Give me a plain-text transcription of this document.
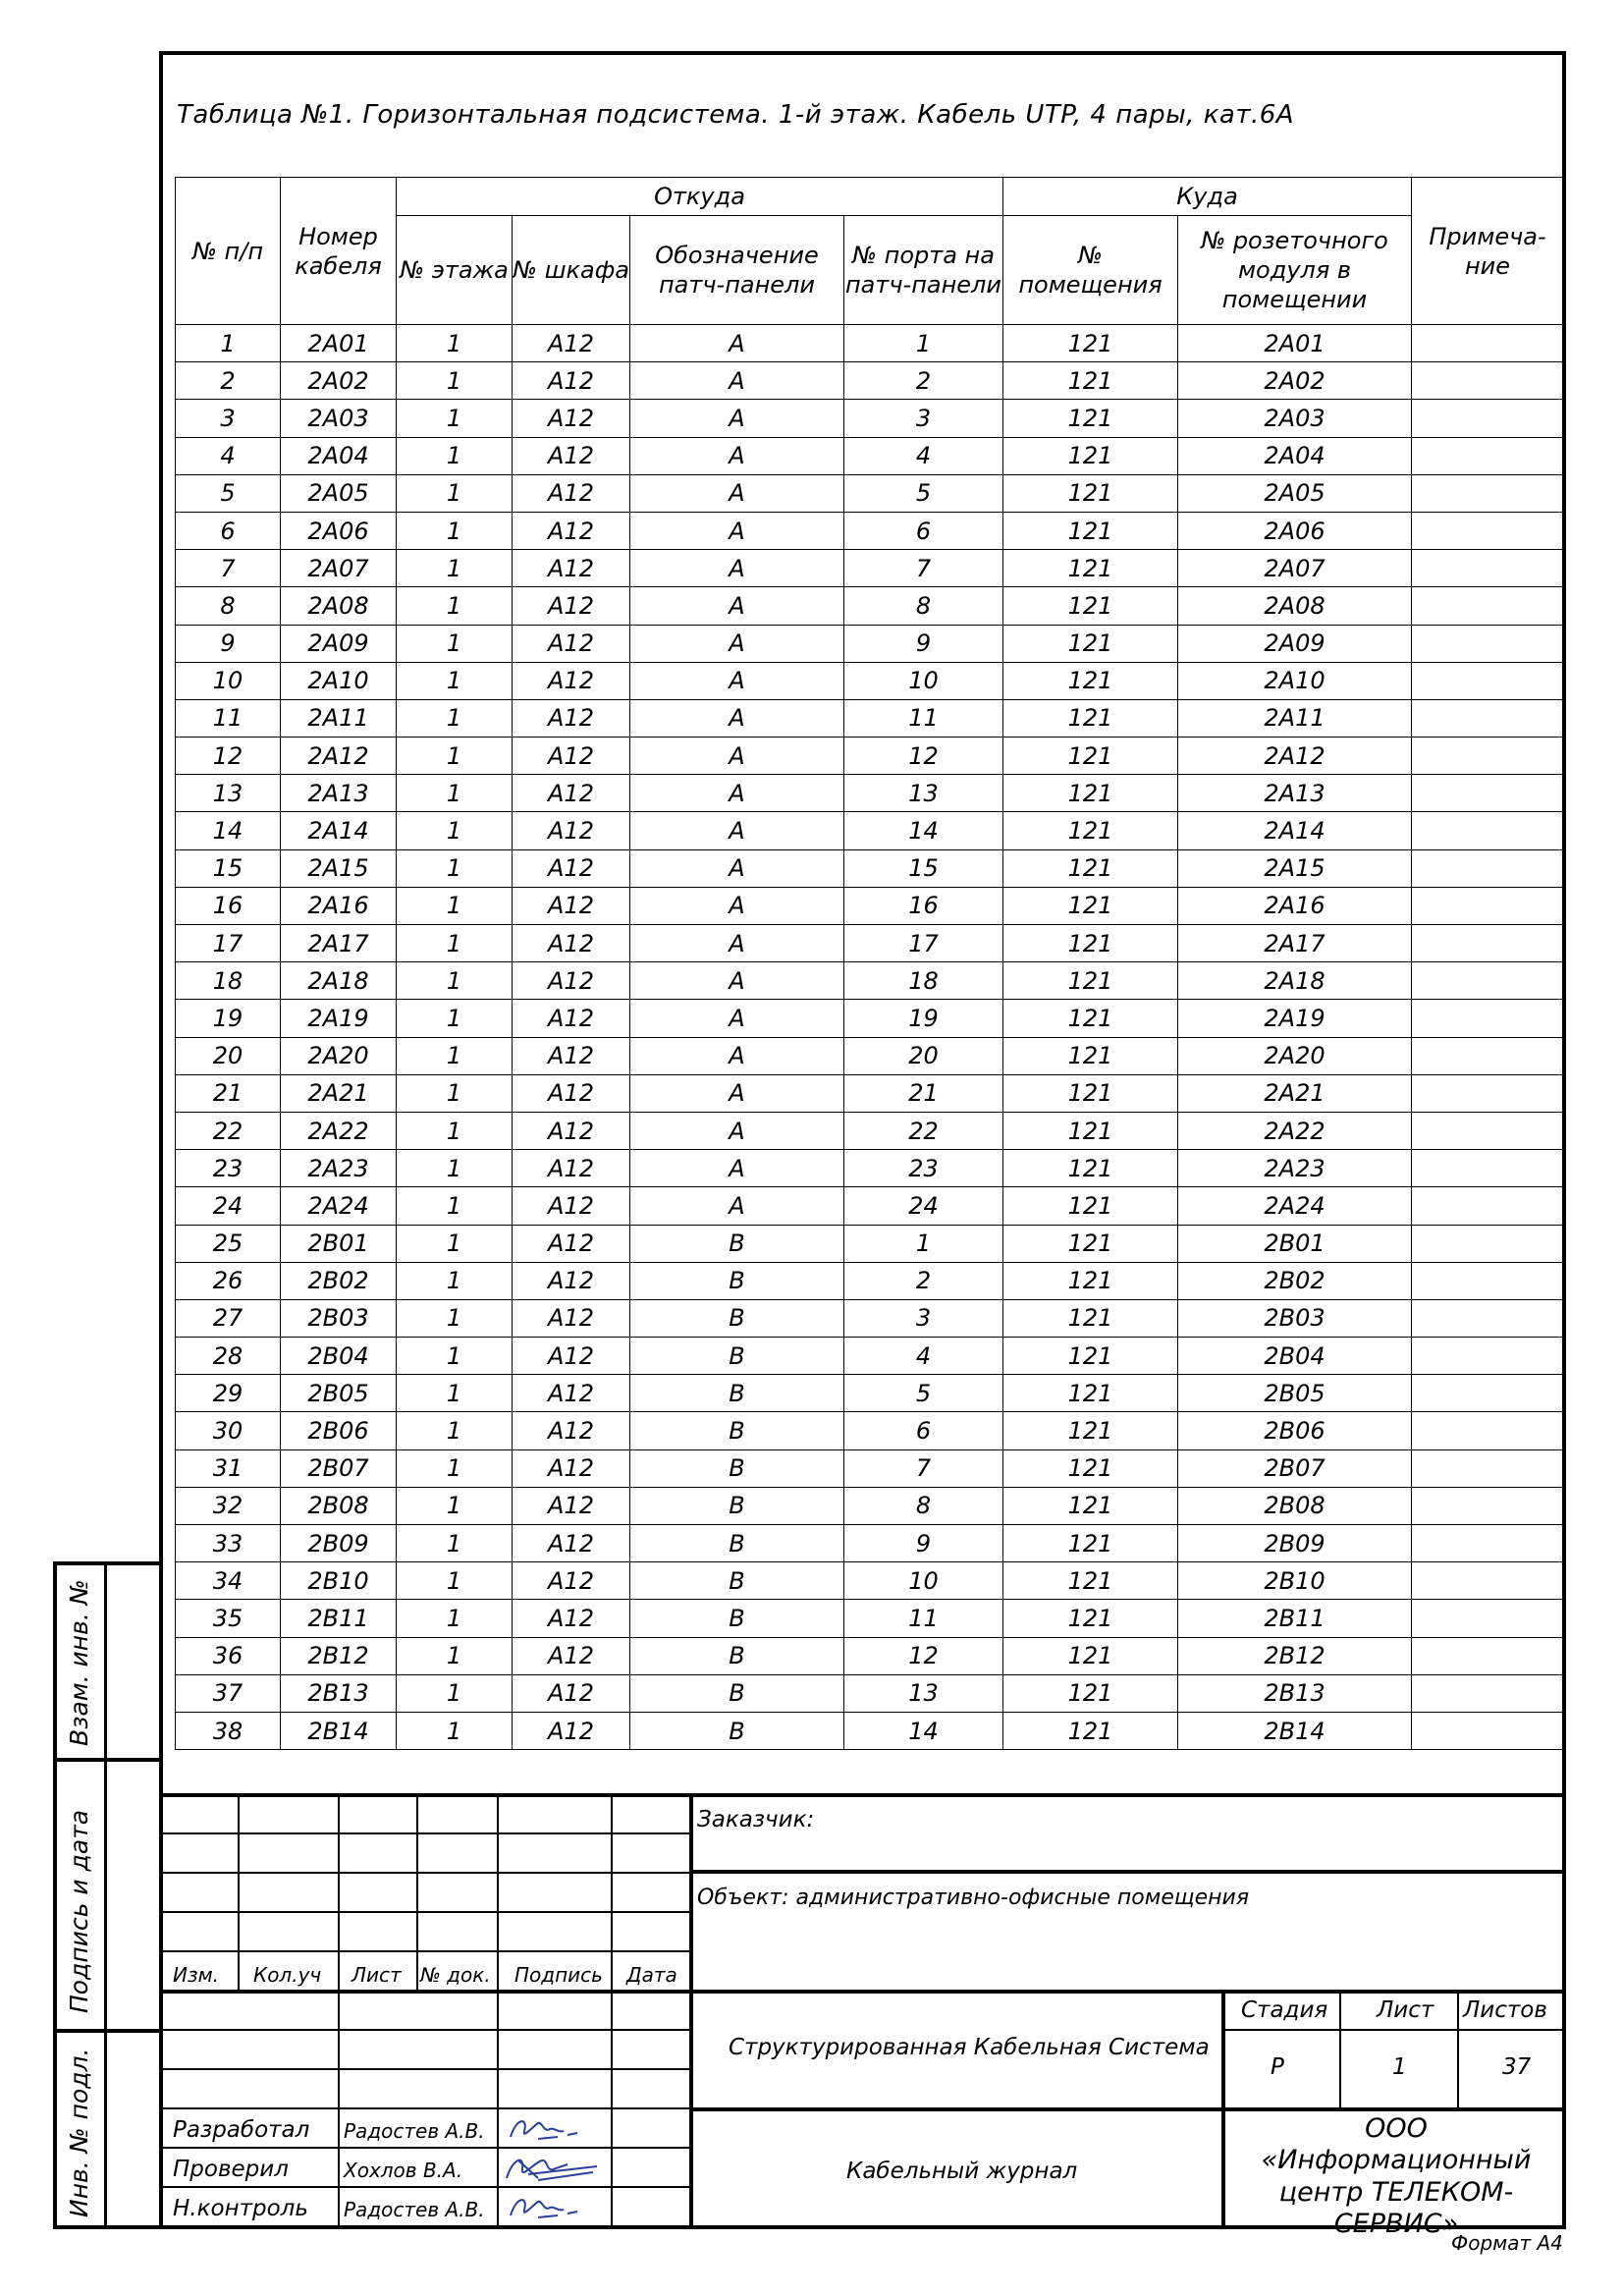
Таблица №1. Горизонтальная подсистема. 1-й этаж. Кабель UTP, 4 пары, кат.6А
№ п/п	Номер кабеля	Откуда				Куда		Примеча-ние
		№ этажа	№ шкафа	Обозначение патч-панели	№ порта на патч-панели	№ помещения	№ розеточного модуля в помещении	
1	2A01	1	A12	A	1	121	2A01	
2	2A02	1	A12	A	2	121	2A02	
3	2A03	1	A12	A	3	121	2A03	
4	2A04	1	A12	A	4	121	2A04	
5	2A05	1	A12	A	5	121	2A05	
6	2A06	1	A12	A	6	121	2A06	
7	2A07	1	A12	A	7	121	2A07	
8	2A08	1	A12	A	8	121	2A08	
9	2A09	1	A12	A	9	121	2A09	
10	2A10	1	A12	A	10	121	2A10	
11	2A11	1	A12	A	11	121	2A11	
12	2A12	1	A12	A	12	121	2A12	
13	2A13	1	A12	A	13	121	2A13	
14	2A14	1	A12	A	14	121	2A14	
15	2A15	1	A12	A	15	121	2A15	
16	2A16	1	A12	A	16	121	2A16	
17	2A17	1	A12	A	17	121	2A17	
18	2A18	1	A12	A	18	121	2A18	
19	2A19	1	A12	A	19	121	2A19	
20	2A20	1	A12	A	20	121	2A20	
21	2A21	1	A12	A	21	121	2A21	
22	2A22	1	A12	A	22	121	2A22	
23	2A23	1	A12	A	23	121	2A23	
24	2A24	1	A12	A	24	121	2A24	
25	2B01	1	A12	B	1	121	2B01	
26	2B02	1	A12	B	2	121	2B02	
27	2B03	1	A12	B	3	121	2B03	
28	2B04	1	A12	B	4	121	2B04	
29	2B05	1	A12	B	5	121	2B05	
30	2B06	1	A12	B	6	121	2B06	
31	2B07	1	A12	B	7	121	2B07	
32	2B08	1	A12	B	8	121	2B08	
33	2B09	1	A12	B	9	121	2B09	
34	2B10	1	A12	B	10	121	2B10	
35	2B11	1	A12	B	11	121	2B11	
36	2B12	1	A12	B	12	121	2B12	
37	2B13	1	A12	B	13	121	2B13	
38	2B14	1	A12	B	14	121	2B14	
Взам. инв. №
Подпись и дата
Инв. № подл.
Изм. Кол.уч Лист № док. Подпись Дата
Заказчик:
Объект: административно-офисные помещения
Структурированная Кабельная Система
Кабельный журнал
Стадия Лист Листов
Р	1	37
ООО «Информационный центр ТЕЛЕКОМ-СЕРВИС»
Разработал
Проверил
Н.контроль
Радостев А.В.
Хохлов В.А.
Радостев А.В.
Формат А4
